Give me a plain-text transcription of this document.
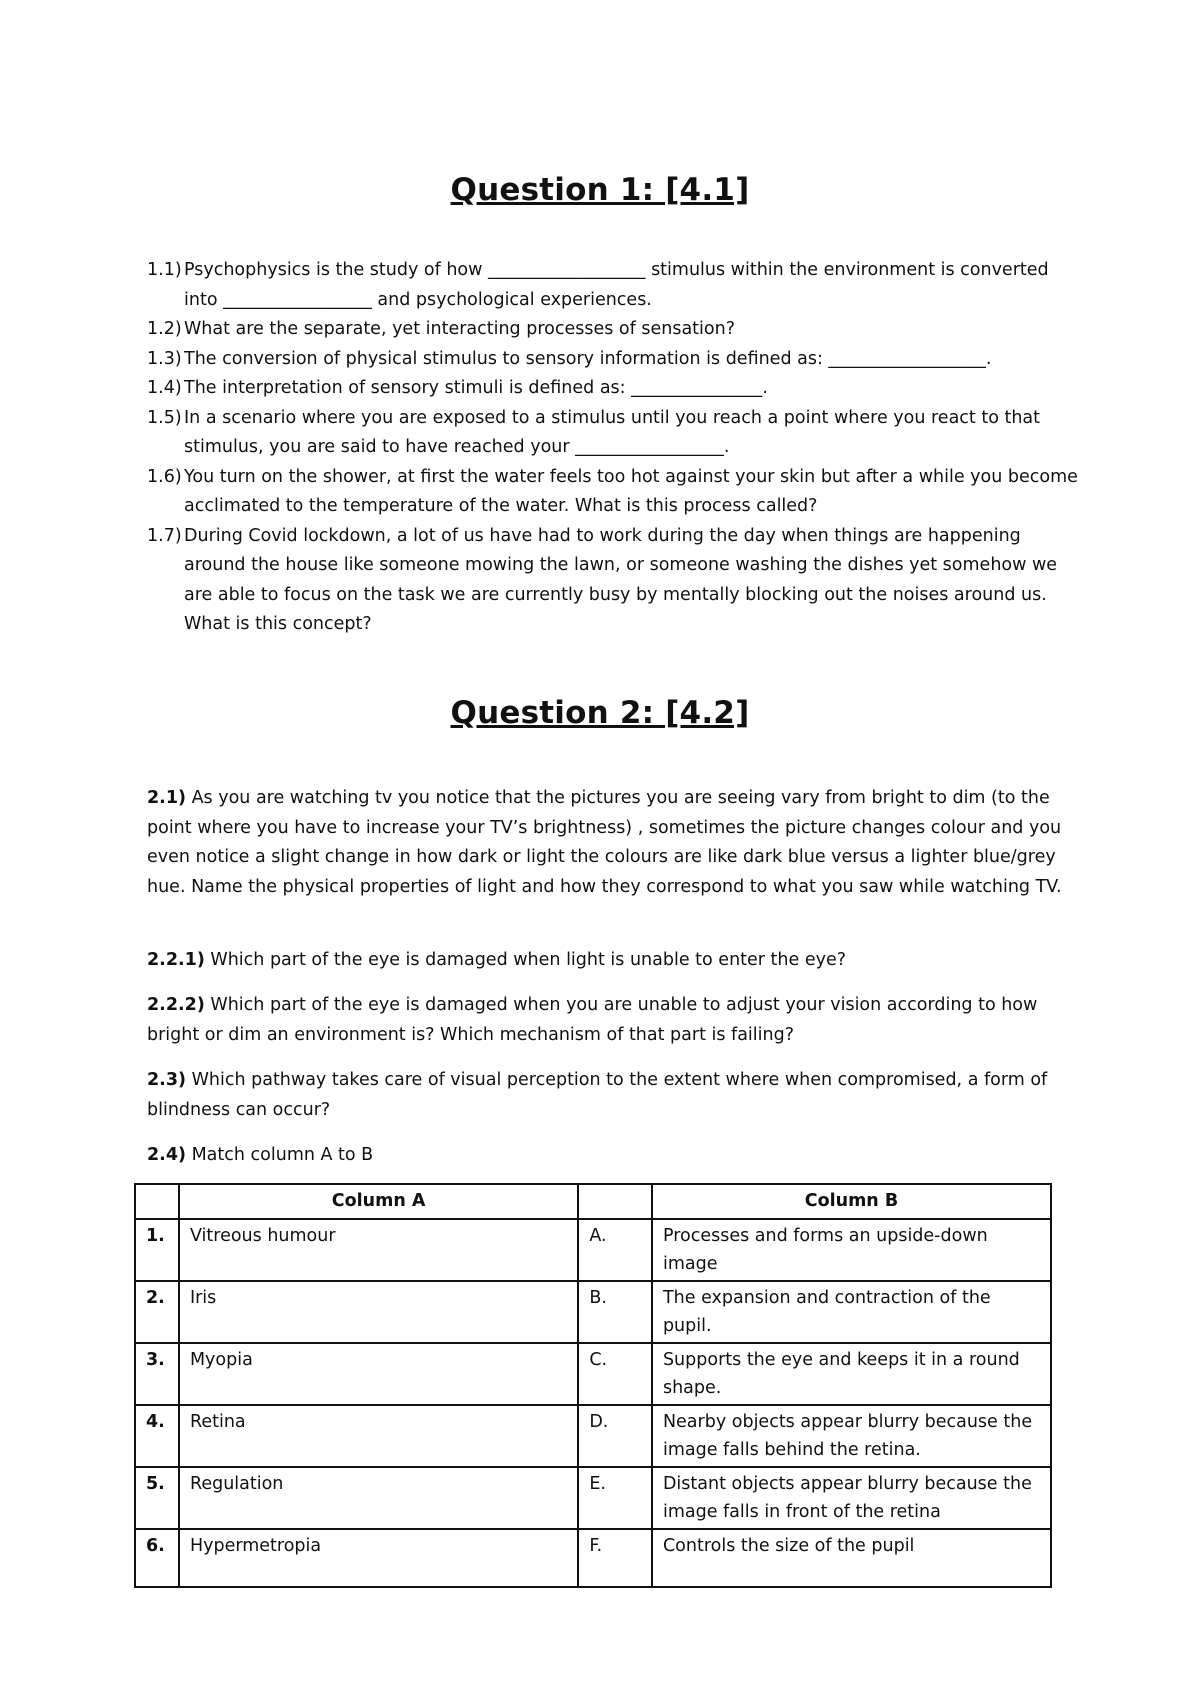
Question 1: [4.1]
1.1) Psychophysics is the study of how __________________ stimulus within the environment is converted into _________________ and psychological experiences.
1.2) What are the separate, yet interacting processes of sensation?
1.3) The conversion of physical stimulus to sensory information is defined as: __________________.
1.4) The interpretation of sensory stimuli is defined as: _______________.
1.5) In a scenario where you are exposed to a stimulus until you reach a point where you react to that stimulus, you are said to have reached your _________________.
1.6) You turn on the shower, at first the water feels too hot against your skin but after a while you become acclimated to the temperature of the water. What is this process called?
1.7) During Covid lockdown, a lot of us have had to work during the day when things are happening around the house like someone mowing the lawn, or someone washing the dishes yet somehow we are able to focus on the task we are currently busy by mentally blocking out the noises around us. What is this concept?
Question 2: [4.2]
2.1) As you are watching tv you notice that the pictures you are seeing vary from bright to dim (to the point where you have to increase your TV’s brightness) , sometimes the picture changes colour and you even notice a slight change in how dark or light the colours are like dark blue versus a lighter blue/grey hue. Name the physical properties of light and how they correspond to what you saw while watching TV.
2.2.1) Which part of the eye is damaged when light is unable to enter the eye?
2.2.2) Which part of the eye is damaged when you are unable to adjust your vision according to how bright or dim an environment is? Which mechanism of that part is failing?
2.3) Which pathway takes care of visual perception to the extent where when compromised, a form of blindness can occur?
2.4) Match column A to B
	Column A		Column B
1.	Vitreous humour	A.	Processes and forms an upside-down image
2.	Iris	B.	The expansion and contraction of the pupil.
3.	Myopia	C.	Supports the eye and keeps it in a round shape.
4.	Retina	D.	Nearby objects appear blurry because the image falls behind the retina.
5.	Regulation	E.	Distant objects appear blurry because the image falls in front of the retina
6.	Hypermetropia	F.	Controls the size of the pupil
